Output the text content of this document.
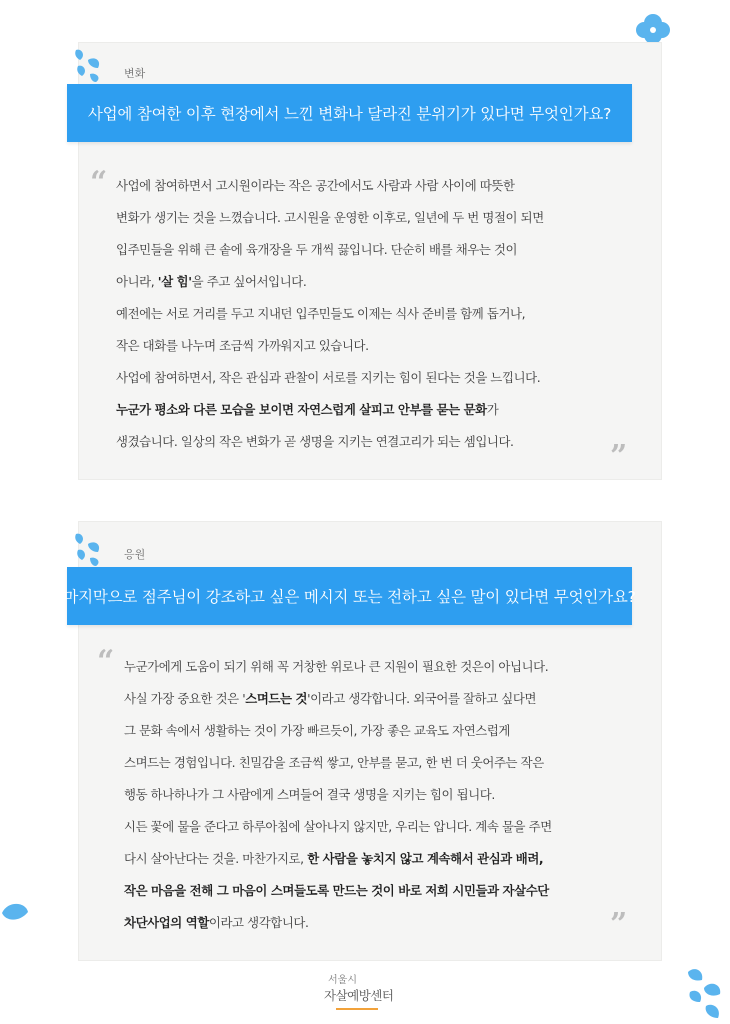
변화
사업에 참여한 이후 현장에서 느낀 변화나 달라진 분위기가 있다면 무엇인가요?
“ 사업에 참여하면서 고시원이라는 작은 공간에서도 사람과 사람 사이에 따뜻한
변화가 생기는 것을 느꼈습니다. 고시원을 운영한 이후로, 일년에 두 번 명절이 되면
입주민들을 위해 큰 솥에 육개장을 두 개씩 끓입니다. 단순히 배를 채우는 것이
아니라, '살 힘'을 주고 싶어서입니다.
예전에는 서로 거리를 두고 지내던 입주민들도 이제는 식사 준비를 함께 돕거나,
작은 대화를 나누며 조금씩 가까워지고 있습니다.
사업에 참여하면서, 작은 관심과 관찰이 서로를 지키는 힘이 된다는 것을 느낍니다.
누군가 평소와 다른 모습을 보이면 자연스럽게 살피고 안부를 묻는 문화가
생겼습니다. 일상의 작은 변화가 곧 생명을 지키는 연결고리가 되는 셈입니다.	”
응원
마지막으로 점주님이 강조하고 싶은 메시지 또는 전하고 싶은 말이 있다면 무엇인가요?
“ 누군가에게 도움이 되기 위해 꼭 거창한 위로나 큰 지원이 필요한 것은이 아닙니다.
사실 가장 중요한 것은 '스며드는 것'이라고 생각합니다. 외국어를 잘하고 싶다면
그 문화 속에서 생활하는 것이 가장 빠르듯이, 가장 좋은 교육도 자연스럽게
스며드는 경험입니다. 친밀감을 조금씩 쌓고, 안부를 묻고, 한 번 더 웃어주는 작은
행동 하나하나가 그 사람에게 스며들어 결국 생명을 지키는 힘이 됩니다.
시든 꽃에 물을 준다고 하루아침에 살아나지 않지만, 우리는 압니다. 계속 물을 주면
다시 살아난다는 것을. 마찬가지로, 한 사람을 놓치지 않고 계속해서 관심과 배려,
작은 마음을 전해 그 마음이 스며들도록 만드는 것이 바로 저희 시민들과 자살수단
차단사업의 역할이라고 생각합니다.	”
서울시
자살예방센터
